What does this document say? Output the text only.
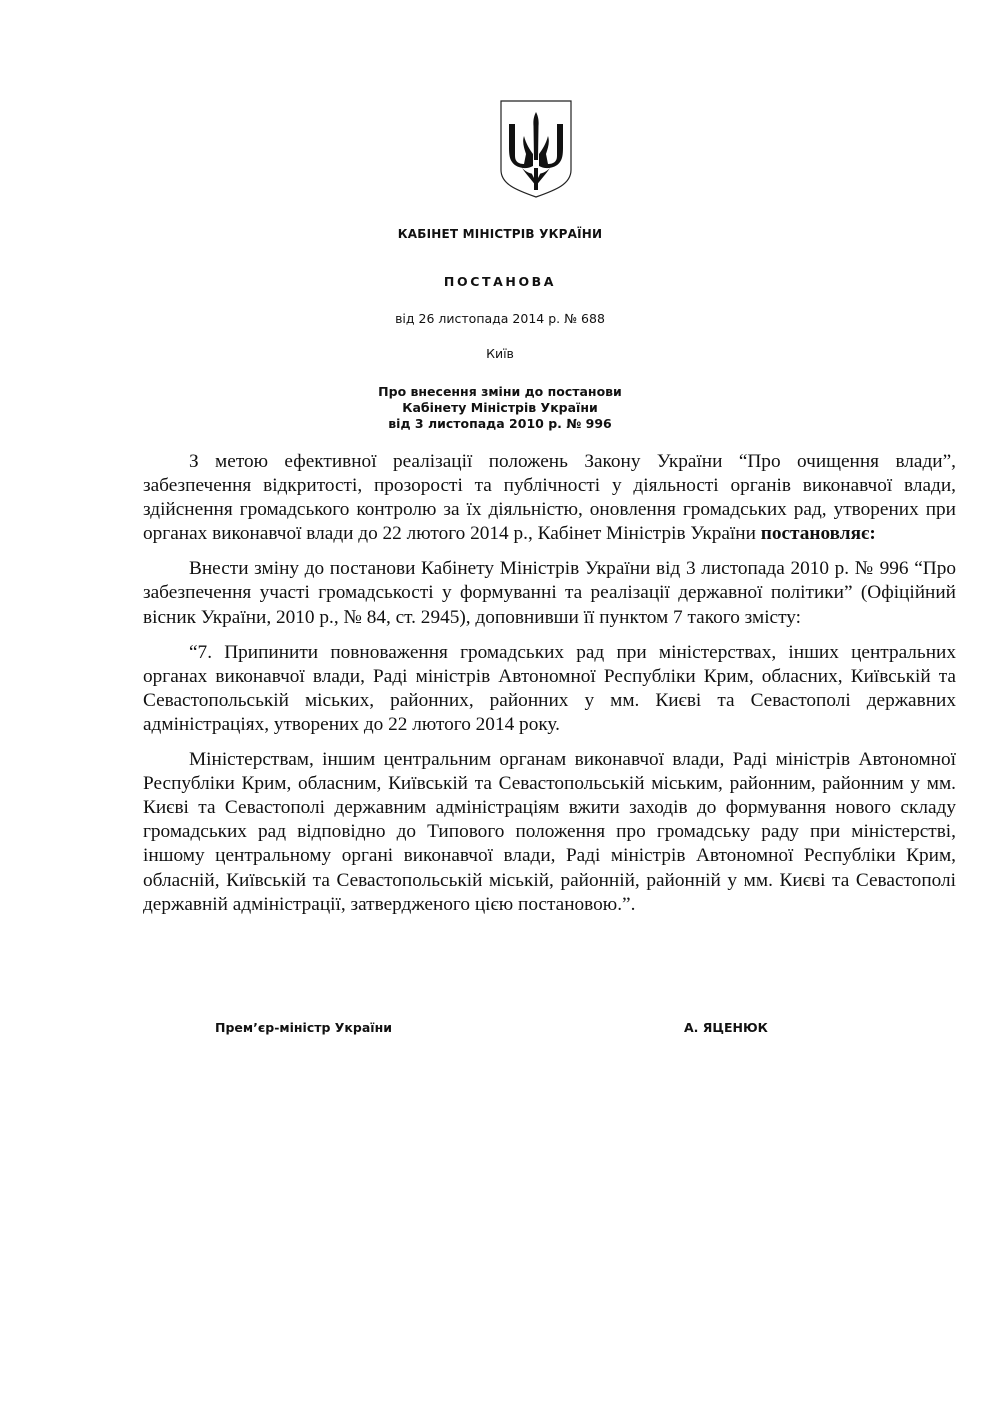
КАБІНЕТ МІНІСТРІВ УКРАЇНИ
ПОСТАНОВА
від 26 листопада 2014 р. № 688
Київ
Про внесення зміни до постанови
Кабінету Міністрів України
від 3 листопада 2010 р. № 996

З метою ефективної реалізації положень Закону України “Про очищення влади”, забезпечення відкритості, прозорості та публічності у діяльності органів виконавчої влади, здійснення громадського контролю за їх діяльністю, оновлення громадських рад, утворених при органах виконавчої влади до 22 лютого 2014 р., Кабінет Міністрів України постановляє:

Внести зміну до постанови Кабінету Міністрів України від 3 листопада 2010 р. № 996 “Про забезпечення участі громадськості у формуванні та реалізації державної політики” (Офіційний вісник України, 2010 р., № 84, ст. 2945), доповнивши її пунктом 7 такого змісту:

“7. Припинити повноваження громадських рад при міністерствах, інших центральних органах виконавчої влади, Раді міністрів Автономної Республіки Крим, обласних, Київській та Севастопольській міських, районних, районних у мм. Києві та Севастополі державних адміністраціях, утворених до 22 лютого 2014 року.

Міністерствам, іншим центральним органам виконавчої влади, Раді міністрів Автономної Республіки Крим, обласним, Київській та Севастопольській міським, районним, районним у мм. Києві та Севастополі державним адміністраціям вжити заходів до формування нового складу громадських рад відповідно до Типового положення про громадську раду при міністерстві, іншому центральному органі виконавчої влади, Раді міністрів Автономної Республіки Крим, обласній, Київській та Севастопольській міській, районній, районній у мм. Києві та Севастополі державній адміністрації, затвердженого цією постановою.”.

Прем’єр-міністр України	А. ЯЦЕНЮК
